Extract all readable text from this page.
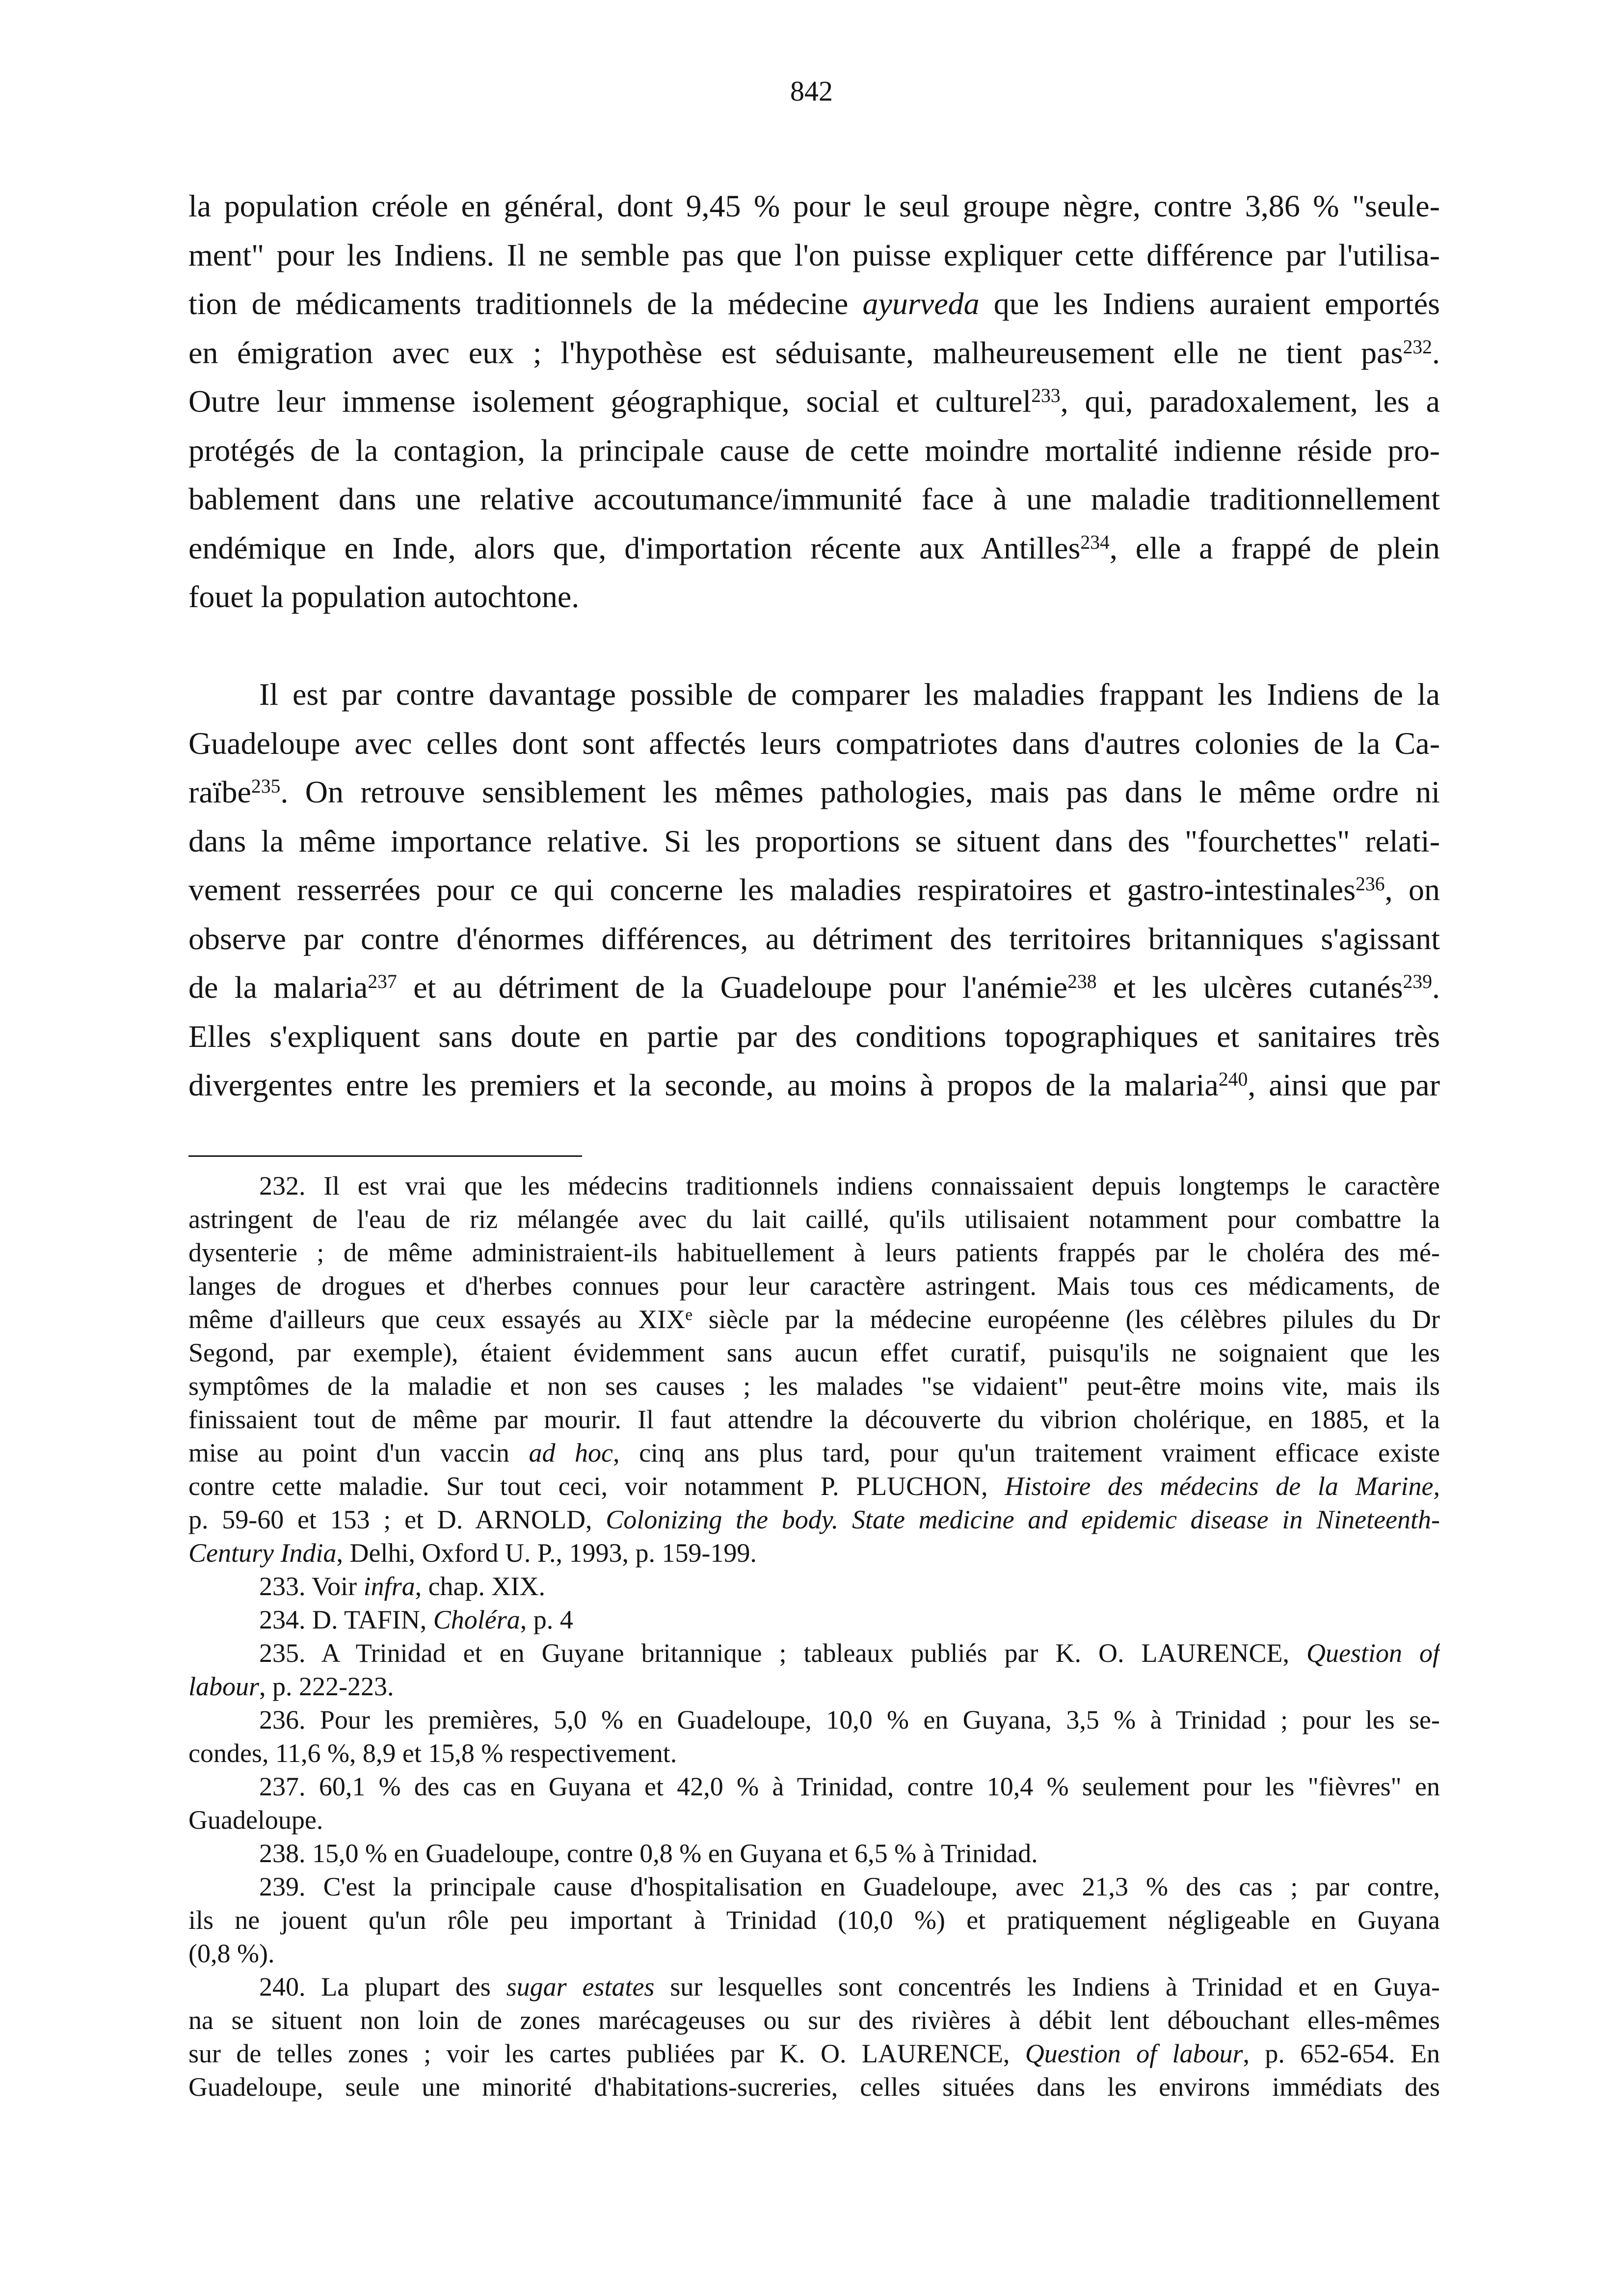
842
la population créole en général, dont 9,45 % pour le seul groupe nègre, contre 3,86 % "seule-
ment" pour les Indiens. Il ne semble pas que l'on puisse expliquer cette différence par l'utilisa-
tion de médicaments traditionnels de la médecine ayurveda que les Indiens auraient emportés
en émigration avec eux ; l'hypothèse est séduisante, malheureusement elle ne tient pas$^{232}$.
Outre leur immense isolement géographique, social et culturel$^{233}$, qui, paradoxalement, les a
protégés de la contagion, la principale cause de cette moindre mortalité indienne réside pro-
bablement dans une relative accoutumance/immunité face à une maladie traditionnellement
endémique en Inde, alors que, d'importation récente aux Antilles$^{234}$, elle a frappé de plein
fouet la population autochtone.
Il est par contre davantage possible de comparer les maladies frappant les Indiens de la
Guadeloupe avec celles dont sont affectés leurs compatriotes dans d'autres colonies de la Ca-
raïbe$^{235}$. On retrouve sensiblement les mêmes pathologies, mais pas dans le même ordre ni
dans la même importance relative. Si les proportions se situent dans des "fourchettes" relati-
vement resserrées pour ce qui concerne les maladies respiratoires et gastro-intestinales$^{236}$, on
observe par contre d'énormes différences, au détriment des territoires britanniques s'agissant
de la malaria$^{237}$ et au détriment de la Guadeloupe pour l'anémie$^{238}$ et les ulcères cutanés$^{239}$.
Elles s'expliquent sans doute en partie par des conditions topographiques et sanitaires très
divergentes entre les premiers et la seconde, au moins à propos de la malaria$^{240}$, ainsi que par
232. Il est vrai que les médecins traditionnels indiens connaissaient depuis longtemps le caractère
astringent de l'eau de riz mélangée avec du lait caillé, qu'ils utilisaient notamment pour combattre la
dysenterie ; de même administraient-ils habituellement à leurs patients frappés par le choléra des mé-
langes de drogues et d'herbes connues pour leur caractère astringent. Mais tous ces médicaments, de
même d'ailleurs que ceux essayés au XIXe siècle par la médecine européenne (les célèbres pilules du Dr
Segond, par exemple), étaient évidemment sans aucun effet curatif, puisqu'ils ne soignaient que les
symptômes de la maladie et non ses causes ; les malades "se vidaient" peut-être moins vite, mais ils
finissaient tout de même par mourir. Il faut attendre la découverte du vibrion cholérique, en 1885, et la
mise au point d'un vaccin ad hoc, cinq ans plus tard, pour qu'un traitement vraiment efficace existe
contre cette maladie. Sur tout ceci, voir notamment P. PLUCHON, Histoire des médecins de la Marine,
p. 59-60 et 153 ; et D. ARNOLD, Colonizing the body. State medicine and epidemic disease in Nineteenth-
Century India, Delhi, Oxford U. P., 1993, p. 159-199.
233. Voir infra, chap. XIX.
234. D. TAFIN, Choléra, p. 4
235. A Trinidad et en Guyane britannique ; tableaux publiés par K. O. LAURENCE, Question of
labour, p. 222-223.
236. Pour les premières, 5,0 % en Guadeloupe, 10,0 % en Guyana, 3,5 % à Trinidad ; pour les se-
condes, 11,6 %, 8,9 et 15,8 % respectivement.
237. 60,1 % des cas en Guyana et 42,0 % à Trinidad, contre 10,4 % seulement pour les "fièvres" en
Guadeloupe.
238. 15,0 % en Guadeloupe, contre 0,8 % en Guyana et 6,5 % à Trinidad.
239. C'est la principale cause d'hospitalisation en Guadeloupe, avec 21,3 % des cas ; par contre,
ils ne jouent qu'un rôle peu important à Trinidad (10,0 %) et pratiquement négligeable en Guyana
(0,8 %).
240. La plupart des sugar estates sur lesquelles sont concentrés les Indiens à Trinidad et en Guya-
na se situent non loin de zones marécageuses ou sur des rivières à débit lent débouchant elles-mêmes
sur de telles zones ; voir les cartes publiées par K. O. LAURENCE, Question of labour, p. 652-654. En
Guadeloupe, seule une minorité d'habitations-sucreries, celles situées dans les environs immédiats des
